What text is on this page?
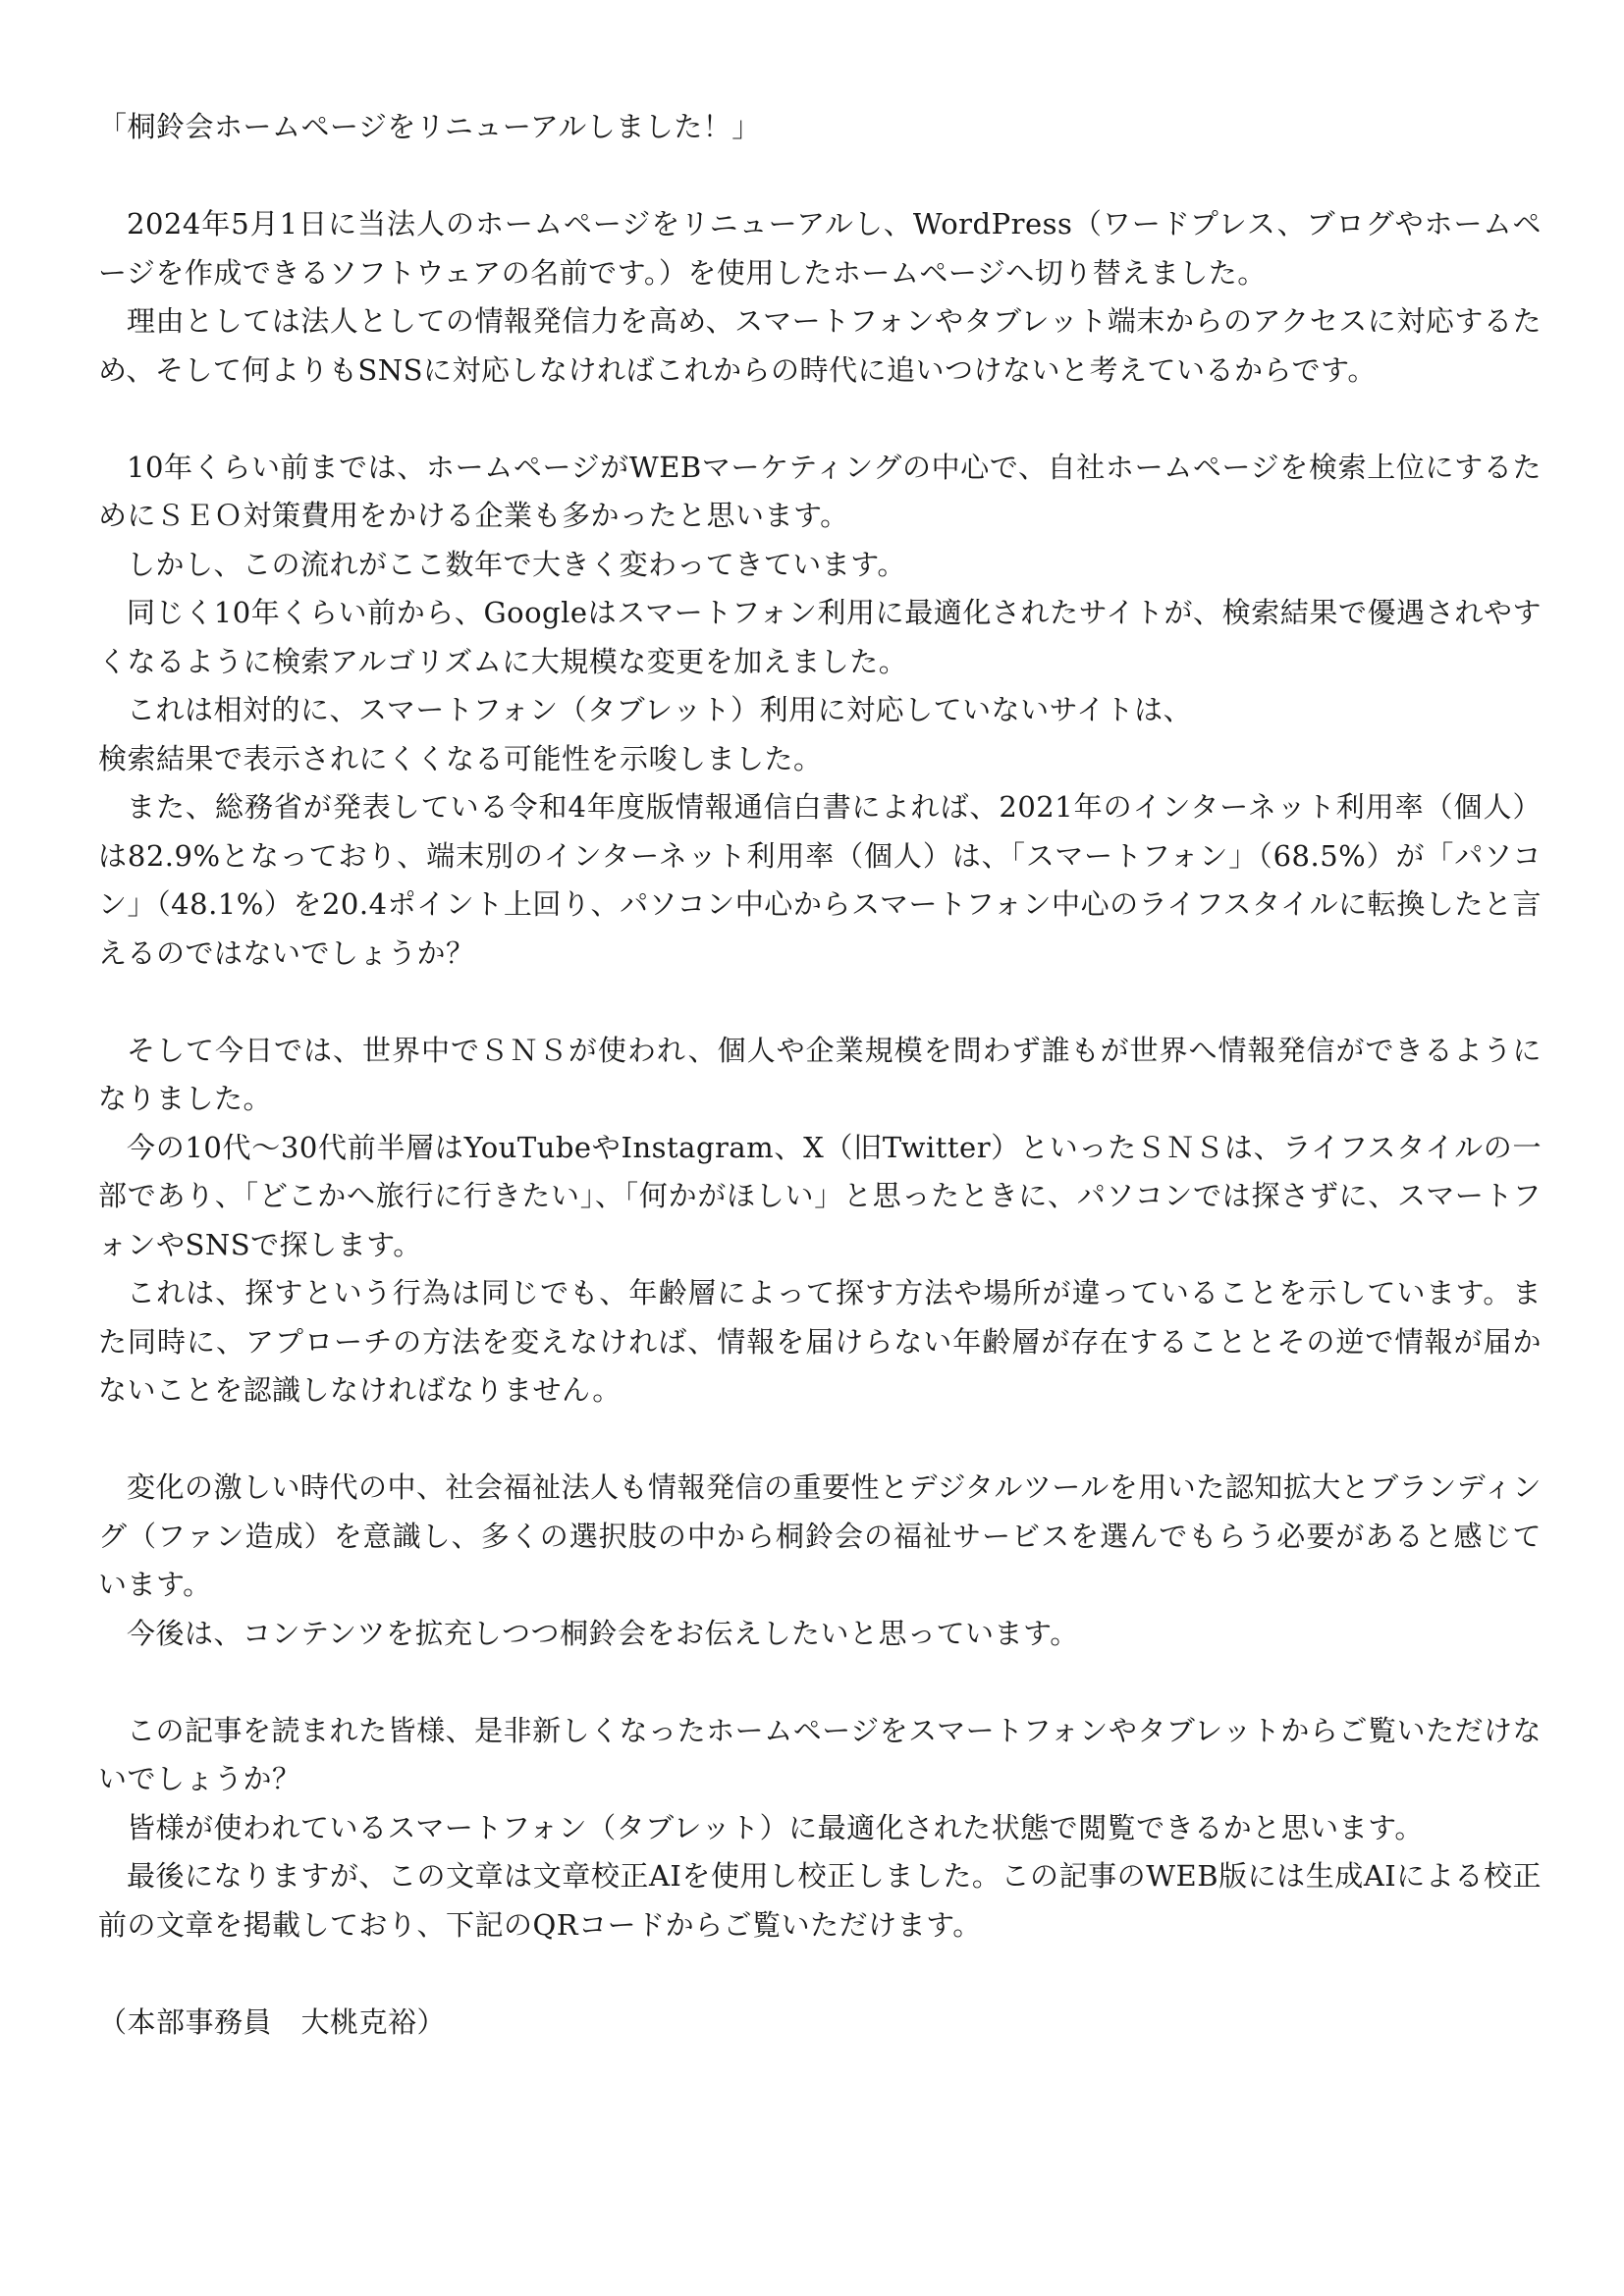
「桐鈴会ホームページをリニューアルしました！」

2024年5月1日に当法人のホームページをリニューアルし、WordPress（ワードプレス、ブログやホームページを作成できるソフトウェアの名前です。）を使用したホームページへ切り替えました。

理由としては法人としての情報発信力を高め、スマートフォンやタブレット端末からのアクセスに対応するため、そして何よりもSNSに対応しなければこれからの時代に追いつけないと考えているからです。

10年くらい前までは、ホームページがWEBマーケティングの中心で、自社ホームページを検索上位にするためにＳＥＯ対策費用をかける企業も多かったと思います。

しかし、この流れがここ数年で大きく変わってきています。

同じく10年くらい前から、Googleはスマートフォン利用に最適化されたサイトが、検索結果で優遇されやすくなるように検索アルゴリズムに大規模な変更を加えました。

これは相対的に、スマートフォン（タブレット）利用に対応していないサイトは、

検索結果で表示されにくくなる可能性を示唆しました。

また、総務省が発表している令和4年度版情報通信白書によれば、2021年のインターネット利用率（個人）は82.9%となっており、端末別のインターネット利用率（個人）は、「スマートフォン」（68.5%）が「パソコン」（48.1%）を20.4ポイント上回り、パソコン中心からスマートフォン中心のライフスタイルに転換したと言えるのではないでしょうか？

そして今日では、世界中でＳＮＳが使われ、個人や企業規模を問わず誰もが世界へ情報発信ができるようになりました。

今の10代〜30代前半層はYouTubeやInstagram、X（旧Twitter）といったＳＮＳは、ライフスタイルの一部であり、「どこかへ旅行に行きたい」、「何かがほしい」と思ったときに、パソコンでは探さずに、スマートフォンやSNSで探します。

これは、探すという行為は同じでも、年齢層によって探す方法や場所が違っていることを示しています。また同時に、アプローチの方法を変えなければ、情報を届けらない年齢層が存在することとその逆で情報が届かないことを認識しなければなりません。

変化の激しい時代の中、社会福祉法人も情報発信の重要性とデジタルツールを用いた認知拡大とブランディング（ファン造成）を意識し、多くの選択肢の中から桐鈴会の福祉サービスを選んでもらう必要があると感じています。

今後は、コンテンツを拡充しつつ桐鈴会をお伝えしたいと思っています。

この記事を読まれた皆様、是非新しくなったホームページをスマートフォンやタブレットからご覧いただけないでしょうか？

皆様が使われているスマートフォン（タブレット）に最適化された状態で閲覧できるかと思います。

最後になりますが、この文章は文章校正AIを使用し校正しました。この記事のWEB版には生成AIによる校正前の文章を掲載しており、下記のQRコードからご覧いただけます。

（本部事務員　大桃克裕）
